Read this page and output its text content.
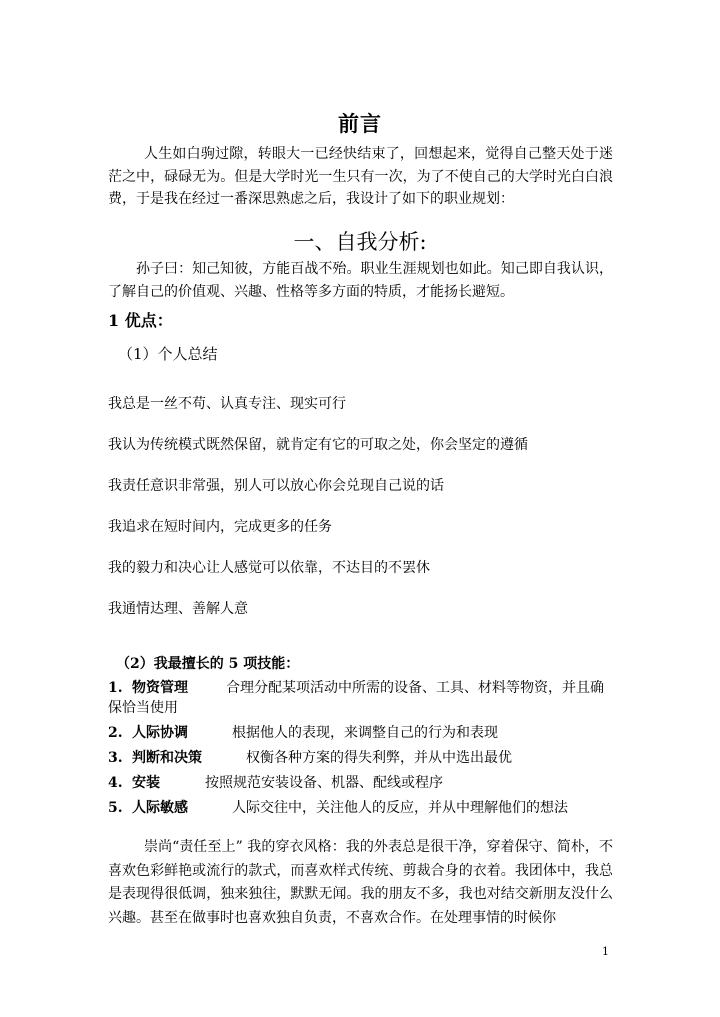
前言
人生如白驹过隙，转眼大一已经快结束了，回想起来，觉得自己整天处于迷茫之中，碌碌无为。但是大学时光一生只有一次，为了不使自己的大学时光白白浪费，于是我在经过一番深思熟虑之后，我设计了如下的职业规划：
一、自我分析:
孙子曰：知己知彼，方能百战不殆。职业生涯规划也如此。知己即自我认识，了解自己的价值观、兴趣、性格等多方面的特质，才能扬长避短。
1 优点：
（1）个人总结
我总是一丝不苟、认真专注、现实可行
我认为传统模式既然保留，就肯定有它的可取之处，你会坚定的遵循
我责任意识非常强，别人可以放心你会兑现自己说的话
我追求在短时间内，完成更多的任务
我的毅力和决心让人感觉可以依靠，不达目的不罢休
我通情达理、善解人意
（2）我最擅长的 5 项技能：
1. 物资管理	合理分配某项活动中所需的设备、工具、材料等物资，并且确保恰当使用
2. 人际协调	根据他人的表现，来调整自己的行为和表现
3. 判断和决策	权衡各种方案的得失利弊，并从中选出最优
4. 安装	按照规范安装设备、机器、配线或程序
5. 人际敏感	人际交往中，关注他人的反应，并从中理解他们的想法
崇尚“责任至上” 我的穿衣风格：我的外表总是很干净，穿着保守、简朴，不喜欢色彩鲜艳或流行的款式，而喜欢样式传统、剪裁合身的衣着。我团体中，我总是表现得很低调，独来独往，默默无闻。我的朋友不多，我也对结交新朋友没什么兴趣。甚至在做事时也喜欢独自负责，不喜欢合作。在处理事情的时候你
1
